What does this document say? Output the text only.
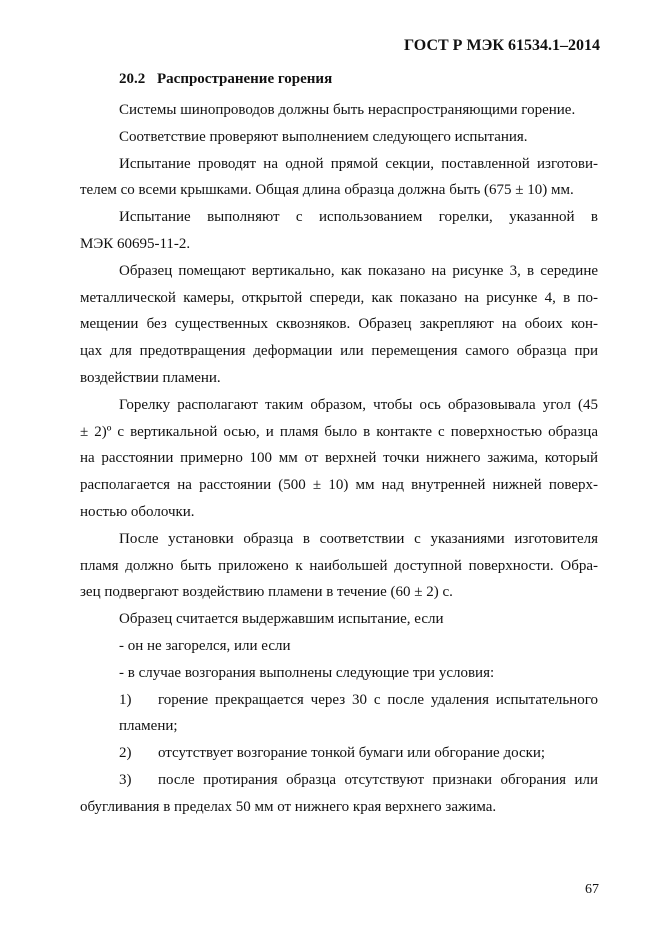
ГОСТ Р МЭК 61534.1–2014
20.2 Распространение горения
Системы шинопроводов должны быть нераспространяющими горение.
Соответствие проверяют выполнением следующего испытания.
Испытание проводят на одной прямой секции, поставленной изготови-
телем со всеми крышками. Общая длина образца должна быть (675 ± 10) мм.
Испытание выполняют с использованием горелки, указанной в
МЭК 60695-11-2.
Образец помещают вертикально, как показано на рисунке 3, в середине
металлической камеры, открытой спереди, как показано на рисунке 4, в по-
мещении без существенных сквозняков. Образец закрепляют на обоих кон-
цах для предотвращения деформации или перемещения самого образца при
воздействии пламени.
Горелку располагают таким образом, чтобы ось образовывала угол (45
± 2)º с вертикальной осью, и пламя было в контакте с поверхностью образца
на расстоянии примерно 100 мм от верхней точки нижнего зажима, который
располагается на расстоянии (500 ± 10) мм над внутренней нижней поверх-
ностью оболочки.
После установки образца в соответствии с указаниями изготовителя
пламя должно быть приложено к наибольшей доступной поверхности. Обра-
зец подвергают воздействию пламени в течение (60 ± 2) с.
Образец считается выдержавшим испытание, если
- он не загорелся, или если
- в случае возгорания выполнены следующие три условия:
1) горение прекращается через 30 с после удаления испытательного
пламени;
2) отсутствует возгорание тонкой бумаги или обгорание доски;
3) после протирания образца отсутствуют признаки обгорания или
обугливания в пределах 50 мм от нижнего края верхнего зажима.
67
